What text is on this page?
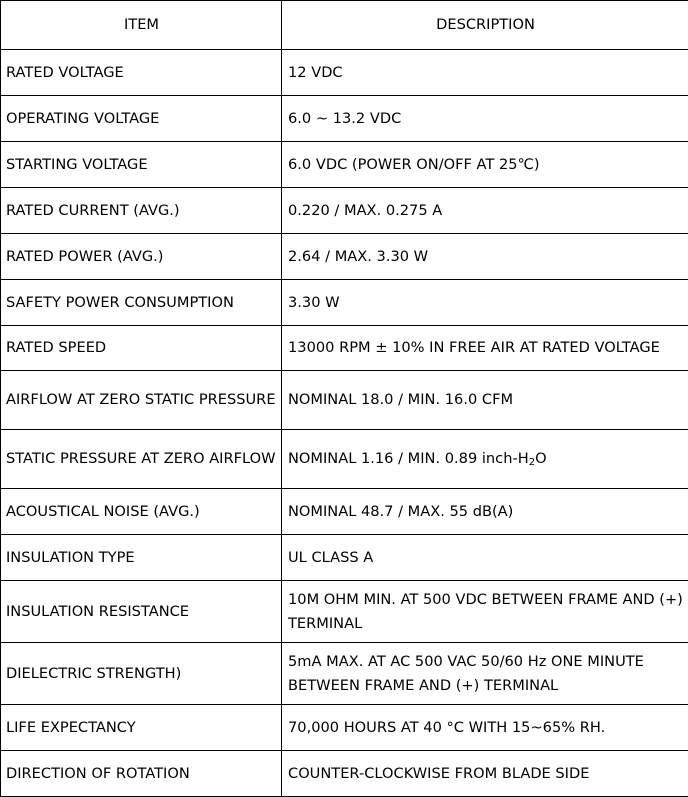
ITEM	DESCRIPTION
RATED VOLTAGE	12 VDC
OPERATING VOLTAGE	6.0 ~ 13.2 VDC
STARTING VOLTAGE	6.0 VDC (POWER ON/OFF AT 25℃)
RATED CURRENT (AVG.)	0.220 / MAX. 0.275 A
RATED POWER (AVG.)	2.64 / MAX. 3.30 W
SAFETY POWER CONSUMPTION	3.30 W
RATED SPEED	13000 RPM ± 10% IN FREE AIR AT RATED VOLTAGE
AIRFLOW AT ZERO STATIC PRESSURE	NOMINAL 18.0 / MIN. 16.0 CFM
STATIC PRESSURE AT ZERO AIRFLOW	NOMINAL 1.16 / MIN. 0.89 inch-$H_2O$
ACOUSTICAL NOISE (AVG.)	NOMINAL 48.7 / MAX. 55 dB(A)
INSULATION TYPE	UL CLASS A
INSULATION RESISTANCE	10M OHM MIN. AT 500 VDC BETWEEN FRAME AND (+) TERMINAL
DIELECTRIC STRENGTH)	5mA MAX. AT AC 500 VAC 50/60 Hz ONE MINUTE BETWEEN FRAME AND (+) TERMINAL
LIFE EXPECTANCY	70,000 HOURS AT 40 °C WITH 15~65% RH.
DIRECTION OF ROTATION	COUNTER-CLOCKWISE FROM BLADE SIDE
